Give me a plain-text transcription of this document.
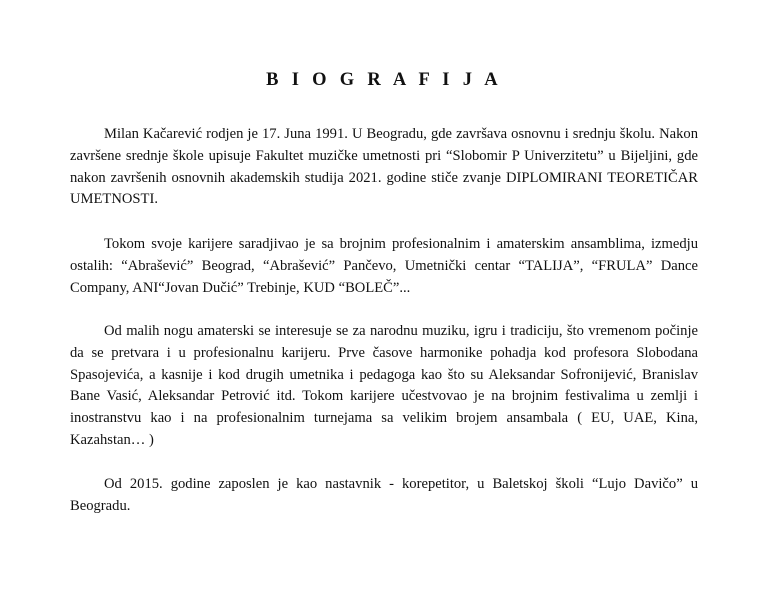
B I O G R A F I J A

Milan Kačarević rodjen je 17. Juna 1991. U Beogradu, gde završava osnovnu i srednju školu. Nakon završene srednje škole upisuje Fakultet muzičke umetnosti pri “Slobomir P Univerzitetu” u Bijeljini, gde nakon završenih osnovnih akademskih studija 2021. godine stiče zvanje DIPLOMIRANI TEORETIČAR UMETNOSTI.

Tokom svoje karijere saradjivao je sa brojnim profesionalnim i amaterskim ansamblima, izmedju ostalih: “Abrašević” Beograd, “Abrašević” Pančevo, Umetnički centar “TALIJA”, “FRULA” Dance Company, ANI“Jovan Dučić” Trebinje, KUD “BOLEČ”...

Od malih nogu amaterski se interesuje se za narodnu muziku, igru i tradiciju, što vremenom počinje da se pretvara i u profesionalnu karijeru. Prve časove harmonike pohadja kod profesora Slobodana Spasojevića, a kasnije i kod drugih umetnika i pedagoga kao što su Aleksandar Sofronijević, Branislav Bane Vasić, Aleksandar Petrović itd. Tokom karijere učestvovao je na brojnim festivalima u zemlji i inostranstvu kao i na profesionalnim turnejama sa velikim brojem ansambala ( EU, UAE, Kina, Kazahstan… )

Od 2015. godine zaposlen je kao nastavnik - korepetitor, u Baletskoj školi “Lujo Davičo” u Beogradu.
